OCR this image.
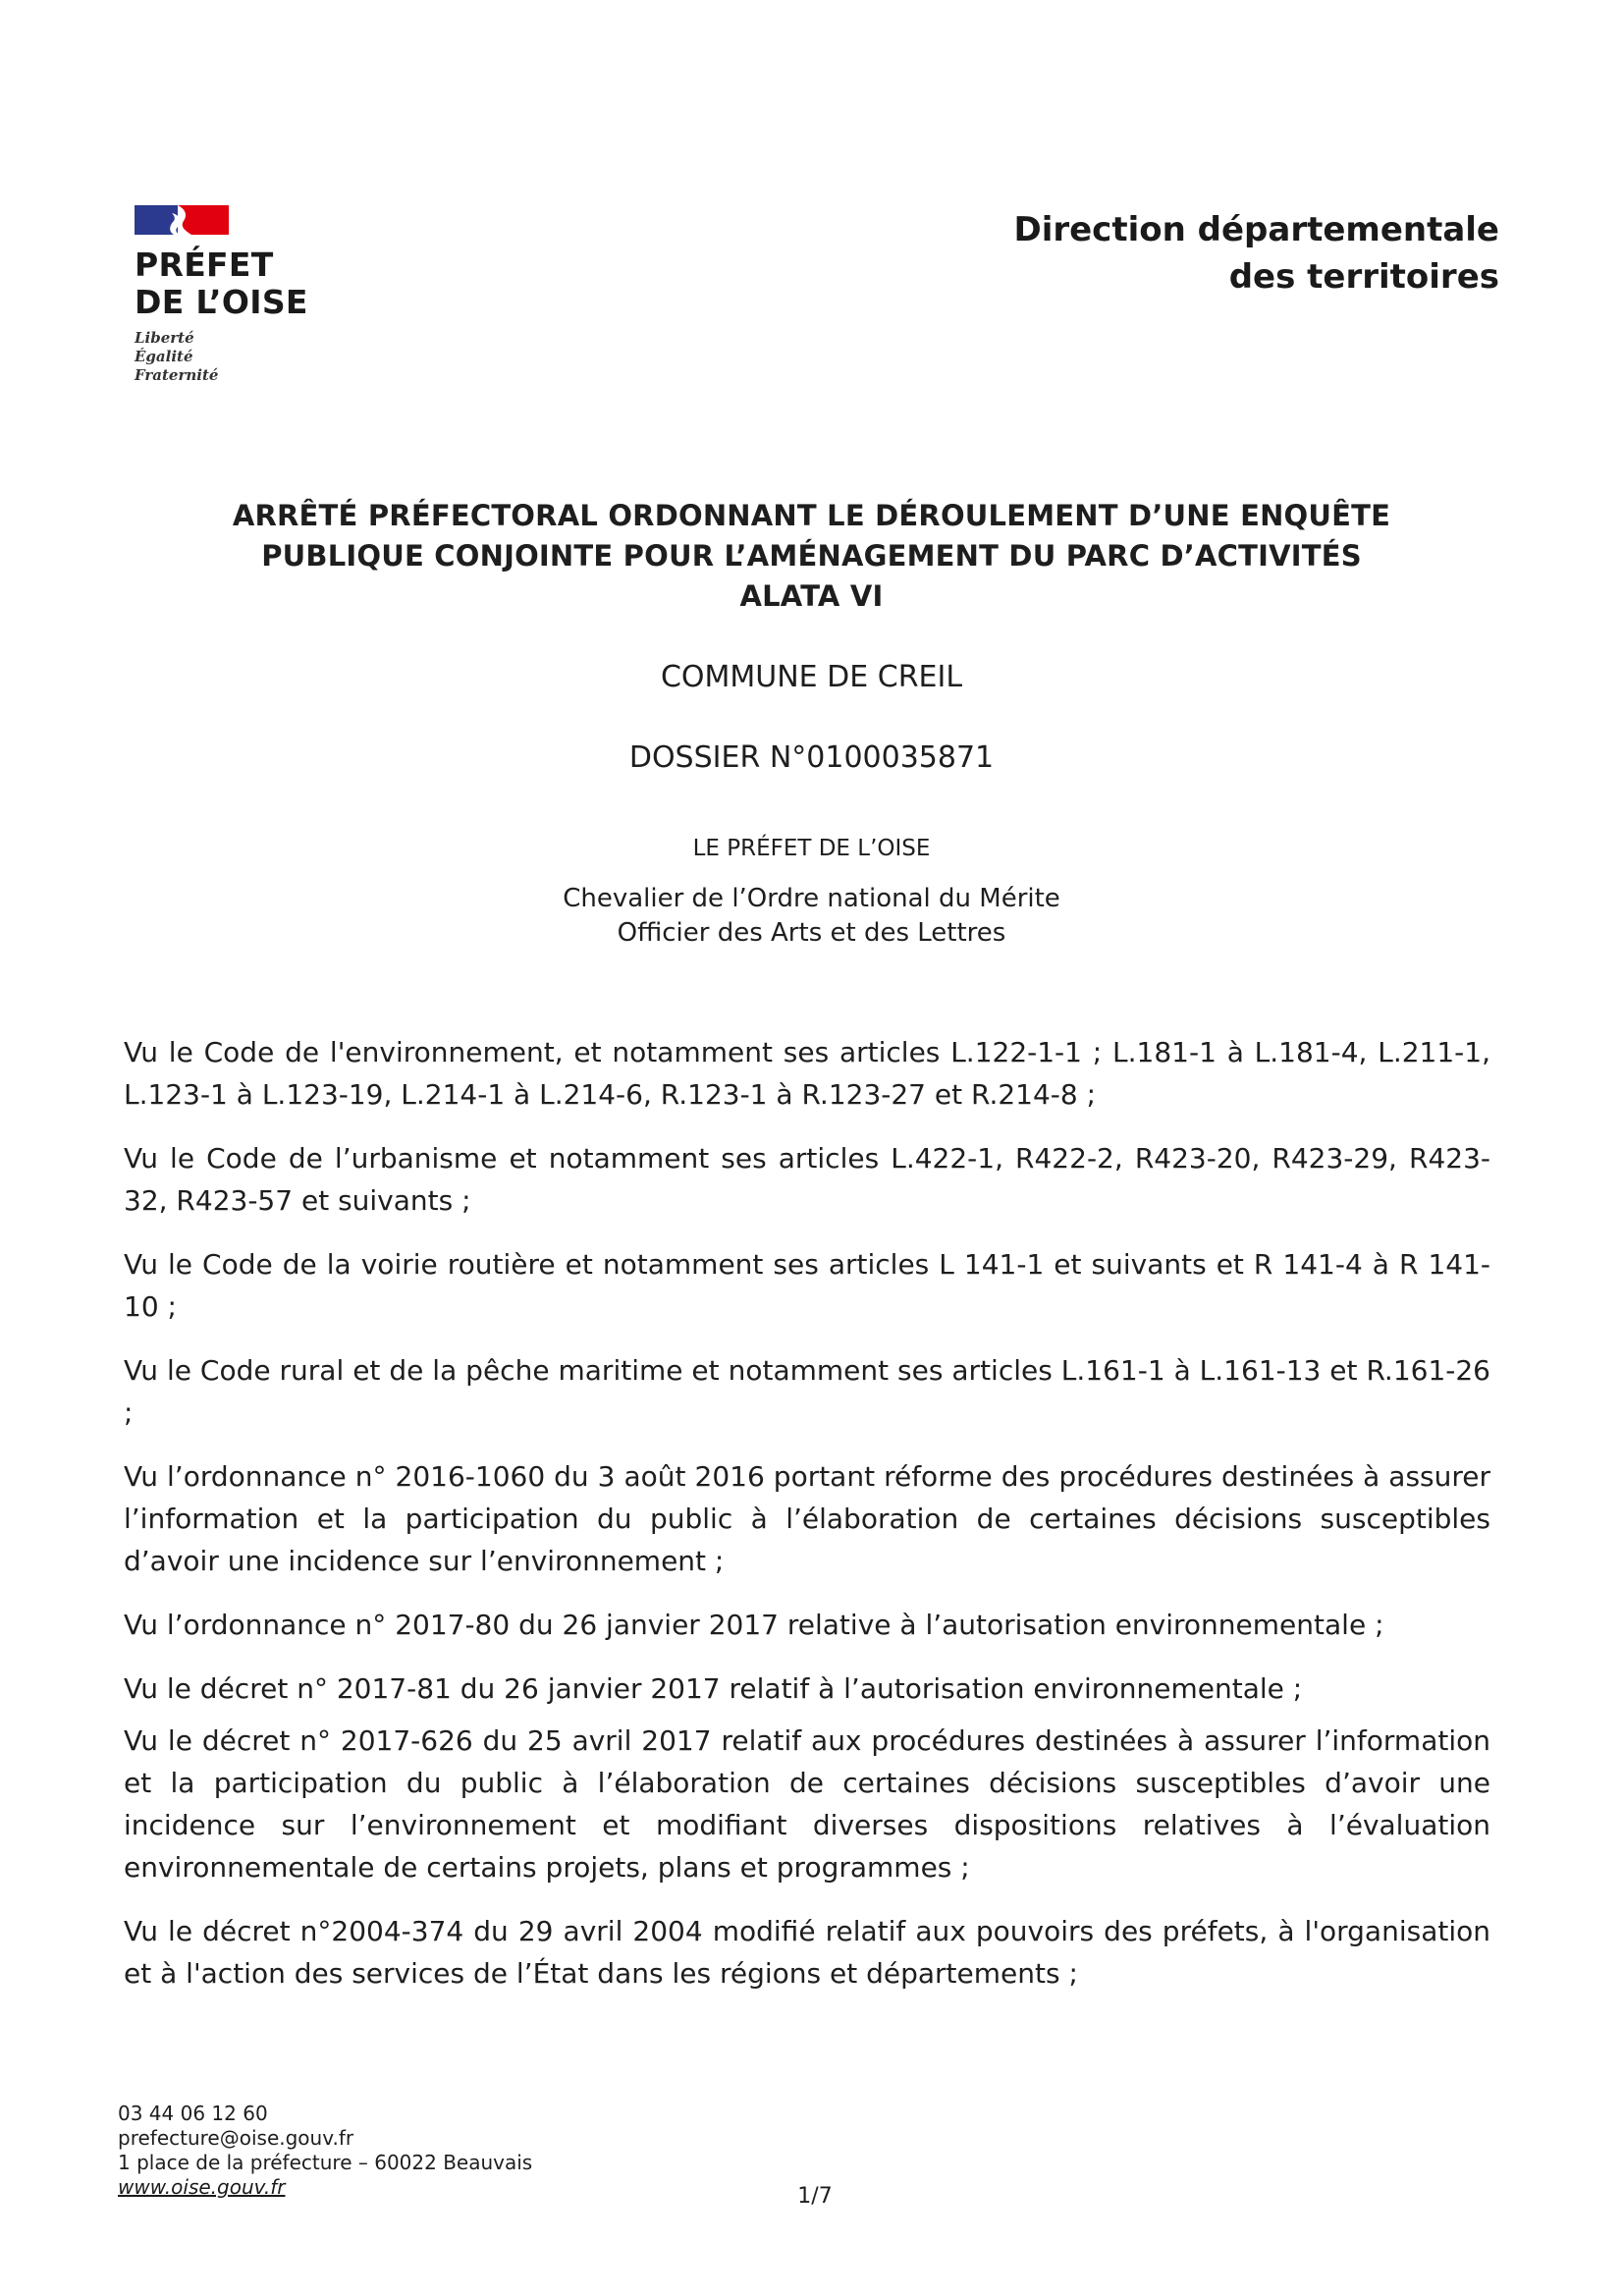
PRÉFET
DE L’OISE
Liberté
Égalité
Fraternité
Direction départementale
des territoires
ARRÊTÉ PRÉFECTORAL ORDONNANT LE DÉROULEMENT D’UNE ENQUÊTE
PUBLIQUE CONJOINTE POUR L’AMÉNAGEMENT DU PARC D’ACTIVITÉS
ALATA VI
COMMUNE DE CREIL
DOSSIER N°0100035871
LE PRÉFET DE L’OISE
Chevalier de l’Ordre national du Mérite
Officier des Arts et des Lettres

Vu le Code de l'environnement, et notamment ses articles L.122-1-1 ; L.181-1 à L.181-4, L.211-1, L.123-1 à L.123-19, L.214-1 à L.214-6, R.123-1 à R.123-27 et R.214-8 ;

Vu le Code de l’urbanisme et notamment ses articles L.422-1, R422-2, R423-20, R423-29, R423-32, R423-57 et suivants ;

Vu le Code de la voirie routière et notamment ses articles L 141-1 et suivants et R 141-4 à R 141-10 ;

Vu le Code rural et de la pêche maritime et notamment ses articles L.161-1 à L.161-13 et R.161-26 ;

Vu l’ordonnance n° 2016-1060 du 3 août 2016 portant réforme des procédures destinées à assurer l’information et la participation du public à l’élaboration de certaines décisions susceptibles d’avoir une incidence sur l’environnement ;

Vu l’ordonnance n° 2017-80 du 26 janvier 2017 relative à l’autorisation environnementale ;

Vu le décret n° 2017-81 du 26 janvier 2017 relatif à l’autorisation environnementale ;

Vu le décret n° 2017-626 du 25 avril 2017 relatif aux procédures destinées à assurer l’information et la participation du public à l’élaboration de certaines décisions susceptibles d’avoir une incidence sur l’environnement et modifiant diverses dispositions relatives à l’évaluation environnementale de certains projets, plans et programmes ;

Vu le décret n°2004-374 du 29 avril 2004 modifié relatif aux pouvoirs des préfets, à l'organisation et à l'action des services de l’État dans les régions et départements ;

03 44 06 12 60
prefecture@oise.gouv.fr
1 place de la préfecture – 60022 Beauvais
www.oise.gouv.fr	1/7
